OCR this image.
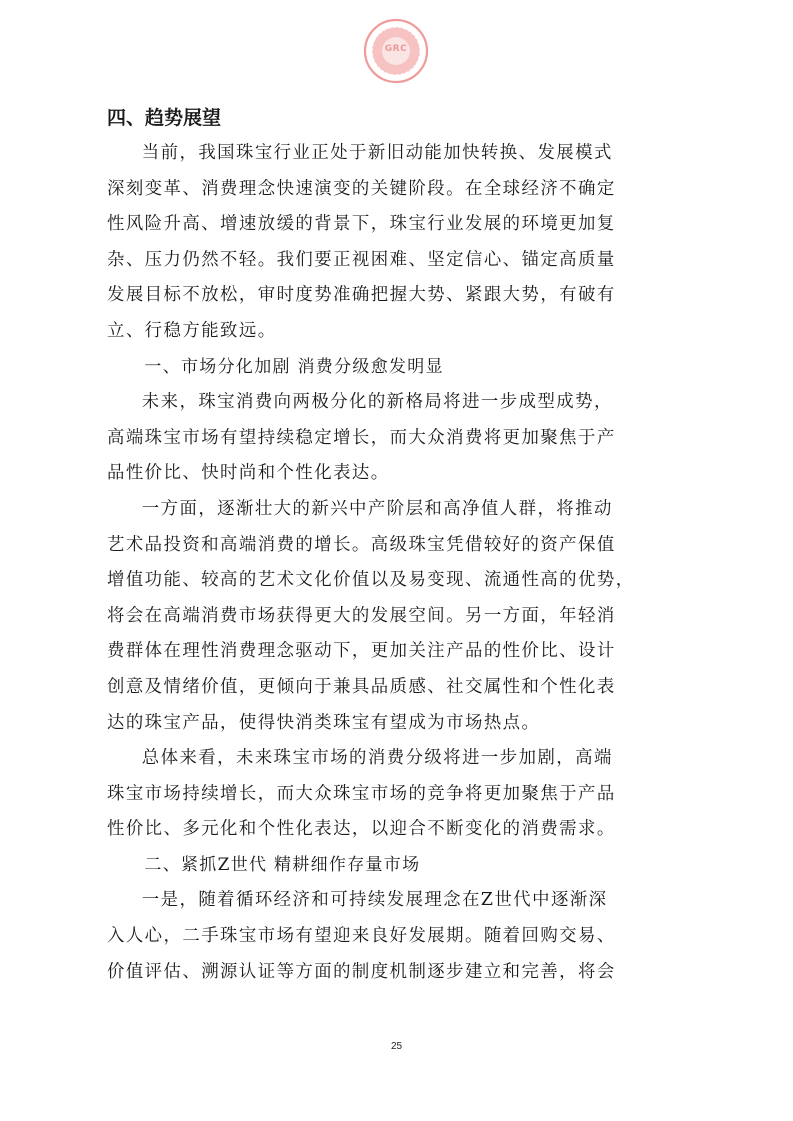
GRC
四、趋势展望
当前，我国珠宝行业正处于新旧动能加快转换、发展模式
深刻变革、消费理念快速演变的关键阶段。在全球经济不确定
性风险升高、增速放缓的背景下，珠宝行业发展的环境更加复
杂、压力仍然不轻。我们要正视困难、坚定信心、锚定高质量
发展目标不放松，审时度势准确把握大势、紧跟大势，有破有
立、行稳方能致远。
一、市场分化加剧 消费分级愈发明显
未来，珠宝消费向两极分化的新格局将进一步成型成势，
高端珠宝市场有望持续稳定增长，而大众消费将更加聚焦于产
品性价比、快时尚和个性化表达。
一方面，逐渐壮大的新兴中产阶层和高净值人群，将推动
艺术品投资和高端消费的增长。高级珠宝凭借较好的资产保值
增值功能、较高的艺术文化价值以及易变现、流通性高的优势，
将会在高端消费市场获得更大的发展空间。另一方面，年轻消
费群体在理性消费理念驱动下，更加关注产品的性价比、设计
创意及情绪价值，更倾向于兼具品质感、社交属性和个性化表
达的珠宝产品，使得快消类珠宝有望成为市场热点。
总体来看，未来珠宝市场的消费分级将进一步加剧，高端
珠宝市场持续增长，而大众珠宝市场的竞争将更加聚焦于产品
性价比、多元化和个性化表达，以迎合不断变化的消费需求。
二、紧抓Z世代 精耕细作存量市场
一是，随着循环经济和可持续发展理念在Z世代中逐渐深
入人心，二手珠宝市场有望迎来良好发展期。随着回购交易、
价值评估、溯源认证等方面的制度机制逐步建立和完善，将会
25
